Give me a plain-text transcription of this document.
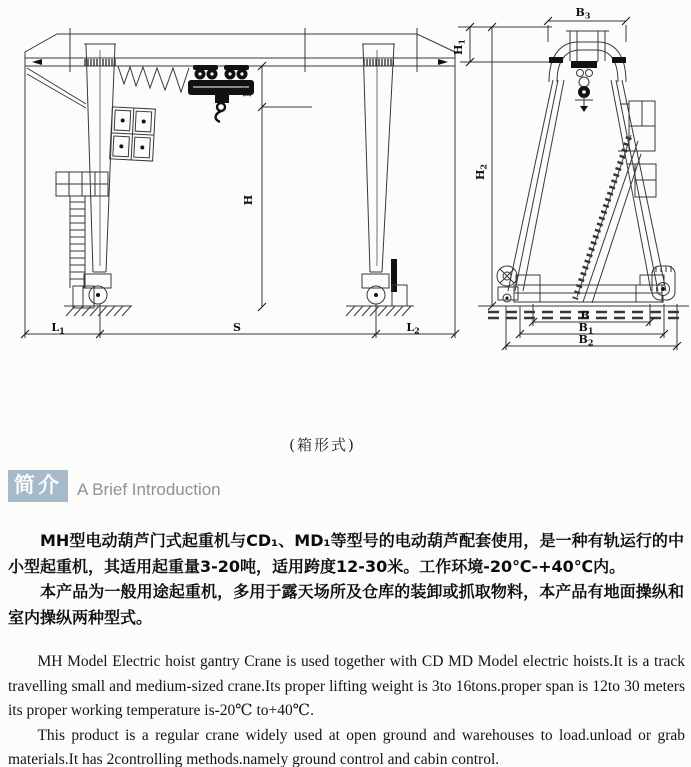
$L_1$	S	$L_2$
$H_1$
H
$B_3$
$H_1$
$H_2$
B
$B_1$
$B_2$
(箱形式)
简介 A Brief Introduction

MH型电动葫芦门式起重机与CD₁、MD₁等型号的电动葫芦配套使用，是一种有轨运行的中小型起重机，其适用起重量3-20吨，适用跨度12-30米。工作环境-20℃-+40℃内。

本产品为一般用途起重机，多用于露天场所及仓库的装卸或抓取物料，本产品有地面操纵和室内操纵两种型式。

MH Model Electric hoist gantry Crane is used together with CD MD Model electric hoists.It is a track travelling small and medium-sized crane.Its proper lifting weight is 3to 16tons.proper span is 12to 30 meters its proper working temperature is-20℃ to+40℃.

This product is a regular crane widely used at open ground and warehouses to load.unload or grab materials.It has 2controlling methods.namely ground control and cabin control.
